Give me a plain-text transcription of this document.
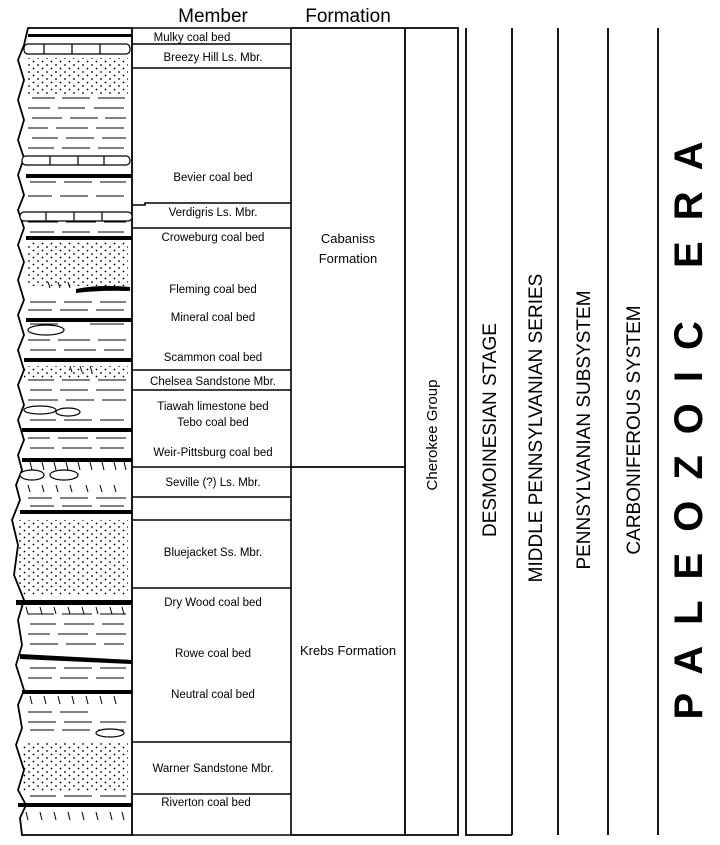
Member	Formation
Mulky coal bed
Breezy Hill Ls. Mbr.
Bevier coal bed
Verdigris Ls. Mbr.
Croweburg coal bed
Fleming coal bed
Mineral coal bed
Scammon coal bed
Chelsea Sandstone Mbr.
Tiawah limestone bed
Tebo coal bed
Weir-Pittsburg coal bed
Seville (?) Ls. Mbr.
Bluejacket Ss. Mbr.
Dry Wood coal bed
Rowe coal bed
Neutral coal bed
Warner Sandstone Mbr.
Riverton coal bed
Cabaniss
Formation
Krebs Formation
Cherokee Group DESMOINESIAN STAGE MIDDLE PENNSYLVANIAN SERIES PENNSYLVANIAN SUBSYSTEM CARBONIFEROUS SYSTEM PALEOZOIC ERA
